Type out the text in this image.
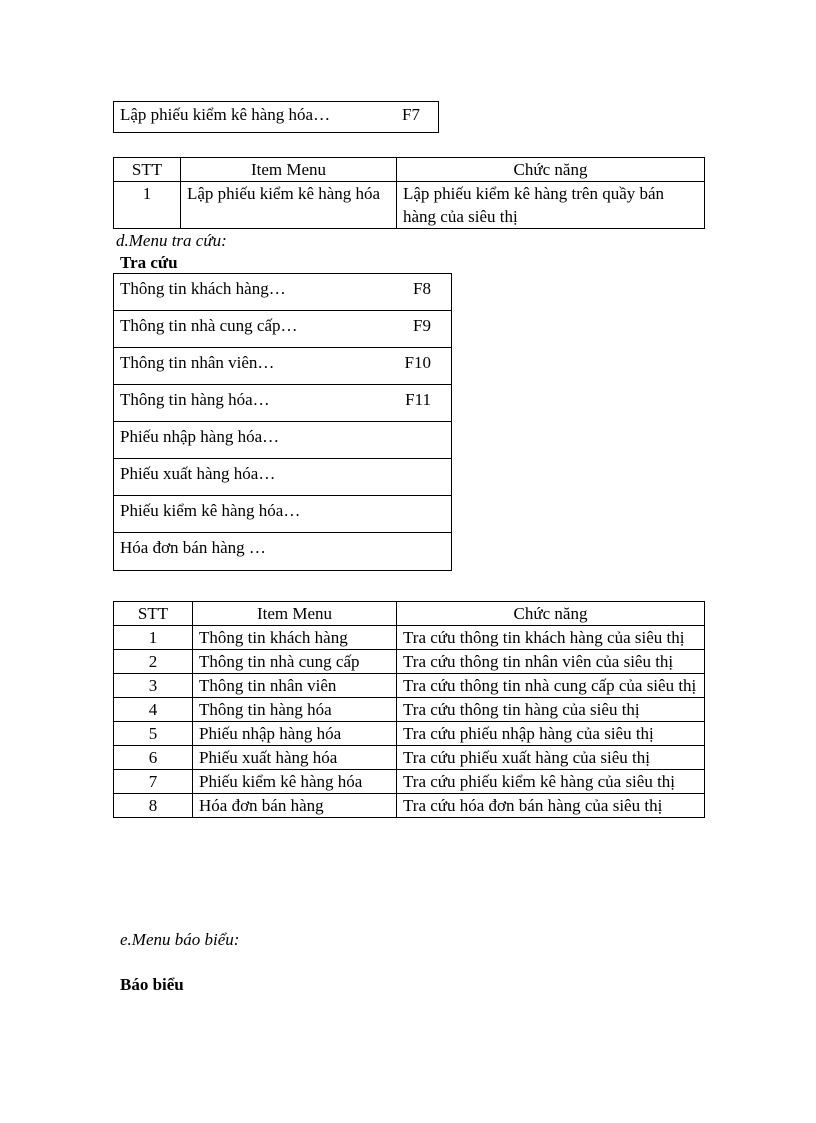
Lập phiếu kiểm kê hàng hóa…	F7
STT	Item Menu	Chức năng
1	Lập phiếu kiểm kê hàng hóa	Lập phiếu kiểm kê hàng trên quầy bán hàng của siêu thị
d.Menu tra cứu:
Tra cứu
Thông tin khách hàng…	F8
Thông tin nhà cung cấp…	F9
Thông tin nhân viên…	F10
Thông tin hàng hóa…	F11
Phiếu nhập hàng hóa…
Phiếu xuất hàng hóa…
Phiếu kiểm kê hàng hóa…
Hóa đơn bán hàng …
STT	Item Menu	Chức năng
1	Thông tin khách hàng	Tra cứu thông tin khách hàng của siêu thị
2	Thông tin nhà cung cấp	Tra cứu thông tin nhân viên của siêu thị
3	Thông tin nhân viên	Tra cứu thông tin nhà cung cấp của siêu thị
4	Thông tin hàng hóa	Tra cứu thông tin hàng của siêu thị
5	Phiếu nhập hàng hóa	Tra cứu phiếu nhập hàng của siêu thị
6	Phiếu xuất hàng hóa	Tra cứu phiếu xuất hàng của siêu thị
7	Phiếu kiểm kê hàng hóa	Tra cứu phiếu kiểm kê hàng của siêu thị
8	Hóa đơn bán hàng	Tra cứu hóa đơn bán hàng của siêu thị
e.Menu báo biểu:
Báo biểu
